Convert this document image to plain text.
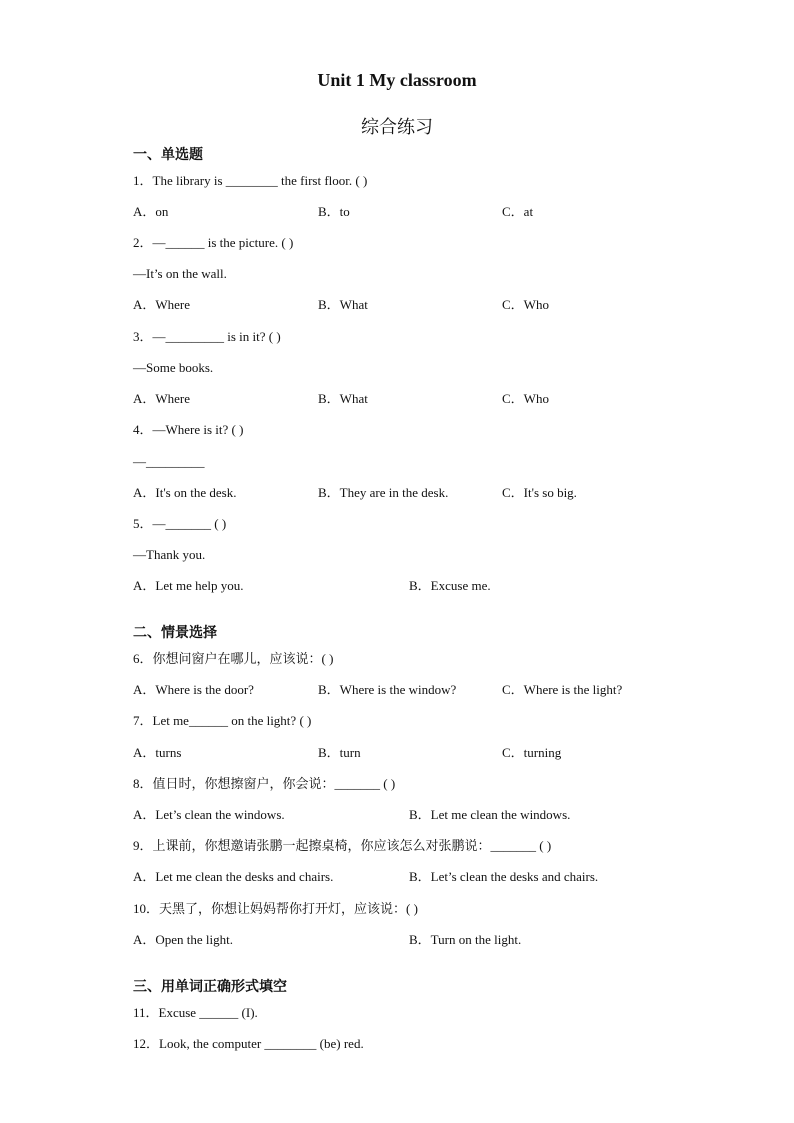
Unit 1 My classroom
综合练习
一、单选题
1．The library is ________ the first floor. ( )
A．on	B．to	C．at
2．—______ is the picture. ( )
—It’s on the wall.
A．Where	B．What	C．Who
3．—_________ is in it? ( )
—Some books.
A．Where	B．What	C．Who
4．—Where is it? ( )
—_________
A．It's on the desk.	B．They are in the desk.	C．It's so big.
5．—_______ ( )
—Thank you.
A．Let me help you.	B．Excuse me.
二、情景选择
6．你想问窗户在哪儿，应该说：( )
A．Where is the door?	B．Where is the window?	C．Where is the light?
7．Let me______ on the light? ( )
A．turns	B．turn	C．turning
8．值日时，你想擦窗户，你会说：_______ ( )
A．Let’s clean the windows.	B．Let me clean the windows.
9．上课前，你想邀请张鹏一起擦桌椅，你应该怎么对张鹏说：_______ ( )
A．Let me clean the desks and chairs.	B．Let’s clean the desks and chairs.
10．天黑了，你想让妈妈帮你打开灯，应该说：( )
A．Open the light.	B．Turn on the light.
三、用单词正确形式填空
11．Excuse ______ (I).
12．Look, the computer ________ (be) red.
